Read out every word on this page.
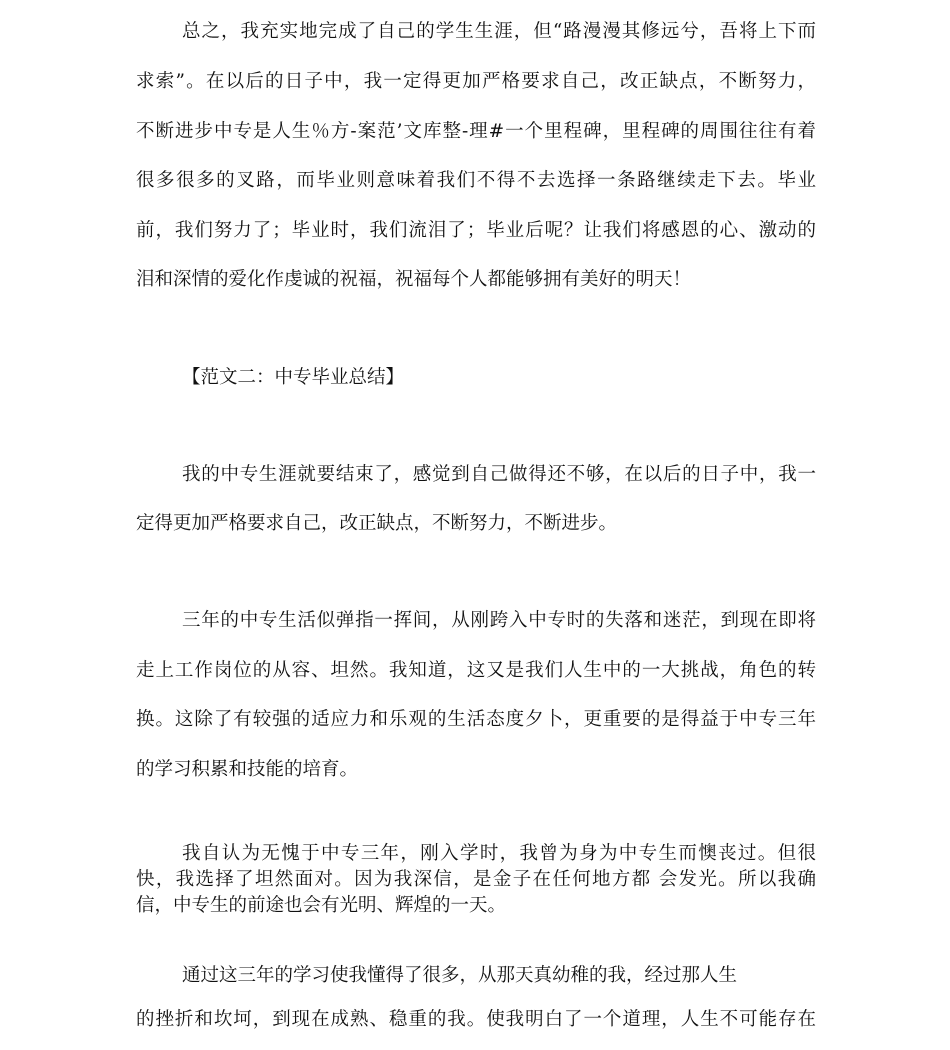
总之，我充实地完成了自己的学生生涯，但“路漫漫其修远兮，吾将上下而
求索”。在以后的日子中，我一定得更加严格要求自己，改正缺点，不断努力，
不断进步中专是人生％方-案范’文库整-理#一个里程碑，里程碑的周围往往有着
很多很多的叉路，而毕业则意味着我们不得不去选择一条路继续走下去。毕业
前，我们努力了；毕业时，我们流泪了；毕业后呢？让我们将感恩的心、激动的
泪和深情的爱化作虔诚的祝福，祝福每个人都能够拥有美好的明天！
【范文二：中专毕业总结】
我的中专生涯就要结束了，感觉到自己做得还不够，在以后的日子中，我一
定得更加严格要求自己，改正缺点，不断努力，不断进步。
三年的中专生活似弹指一挥间，从刚跨入中专时的失落和迷茫，到现在即将
走上工作岗位的从容、坦然。我知道，这又是我们人生中的一大挑战，角色的转
换。这除了有较强的适应力和乐观的生活态度夕卜，更重要的是得益于中专三年
的学习积累和技能的培育。
我自认为无愧于中专三年，刚入学时，我曾为身为中专生而懊丧过。但很
快，我选择了坦然面对。因为我深信，是金子在任何地方都 会发光。所以我确
信，中专生的前途也会有光明、辉煌的一天。
通过这三年的学习使我懂得了很多，从那天真幼稚的我，经过那人生
的挫折和坎坷，到现在成熟、稳重的我。使我明白了一个道理，人生不可能存在
